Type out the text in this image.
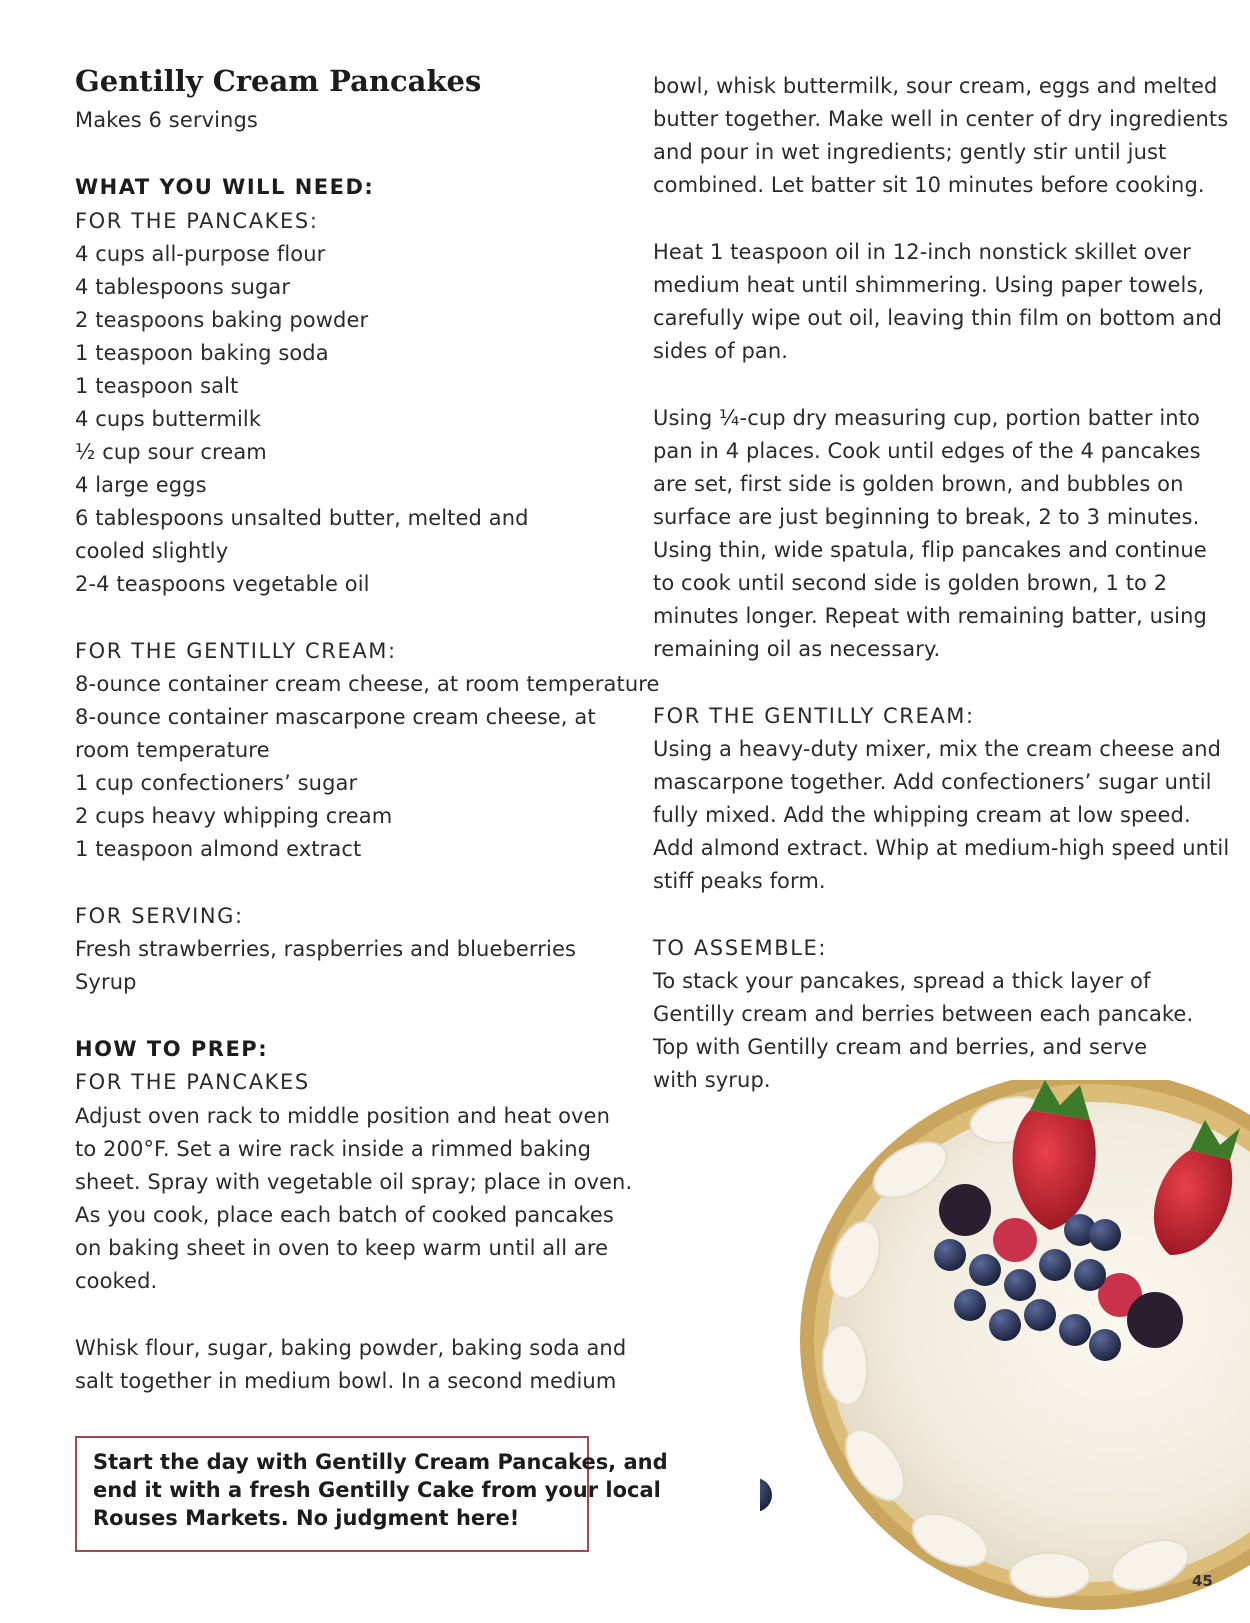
Gentilly Cream Pancakes
Makes 6 servings
WHAT YOU WILL NEED:
FOR THE PANCAKES:
4 cups all-purpose flour
4 tablespoons sugar
2 teaspoons baking powder
1 teaspoon baking soda
1 teaspoon salt
4 cups buttermilk
½ cup sour cream
4 large eggs
6 tablespoons unsalted butter, melted and
cooled slightly
2-4 teaspoons vegetable oil
FOR THE GENTILLY CREAM:
8-ounce container cream cheese, at room temperature
8-ounce container mascarpone cream cheese, at
room temperature
1 cup confectioners’ sugar
2 cups heavy whipping cream
1 teaspoon almond extract
FOR SERVING:
Fresh strawberries, raspberries and blueberries
Syrup
HOW TO PREP:
FOR THE PANCAKES
Adjust oven rack to middle position and heat oven
to 200°F. Set a wire rack inside a rimmed baking
sheet. Spray with vegetable oil spray; place in oven.
As you cook, place each batch of cooked pancakes
on baking sheet in oven to keep warm until all are
cooked.
Whisk flour, sugar, baking powder, baking soda and
salt together in medium bowl. In a second medium
Start the day with Gentilly Cream Pancakes, and
end it with a fresh Gentilly Cake from your local
Rouses Markets. No judgment here!
bowl, whisk buttermilk, sour cream, eggs and melted
butter together. Make well in center of dry ingredients
and pour in wet ingredients; gently stir until just
combined. Let batter sit 10 minutes before cooking.
Heat 1 teaspoon oil in 12-inch nonstick skillet over
medium heat until shimmering. Using paper towels,
carefully wipe out oil, leaving thin film on bottom and
sides of pan.
Using ¼-cup dry measuring cup, portion batter into
pan in 4 places. Cook until edges of the 4 pancakes
are set, first side is golden brown, and bubbles on
surface are just beginning to break, 2 to 3 minutes.
Using thin, wide spatula, flip pancakes and continue
to cook until second side is golden brown, 1 to 2
minutes longer. Repeat with remaining batter, using
remaining oil as necessary.
FOR THE GENTILLY CREAM:
Using a heavy-duty mixer, mix the cream cheese and
mascarpone together. Add confectioners’ sugar until
fully mixed. Add the whipping cream at low speed.
Add almond extract. Whip at medium-high speed until
stiff peaks form.
TO ASSEMBLE:
To stack your pancakes, spread a thick layer of
Gentilly cream and berries between each pancake.
Top with Gentilly cream and berries, and serve
with syrup.
45
